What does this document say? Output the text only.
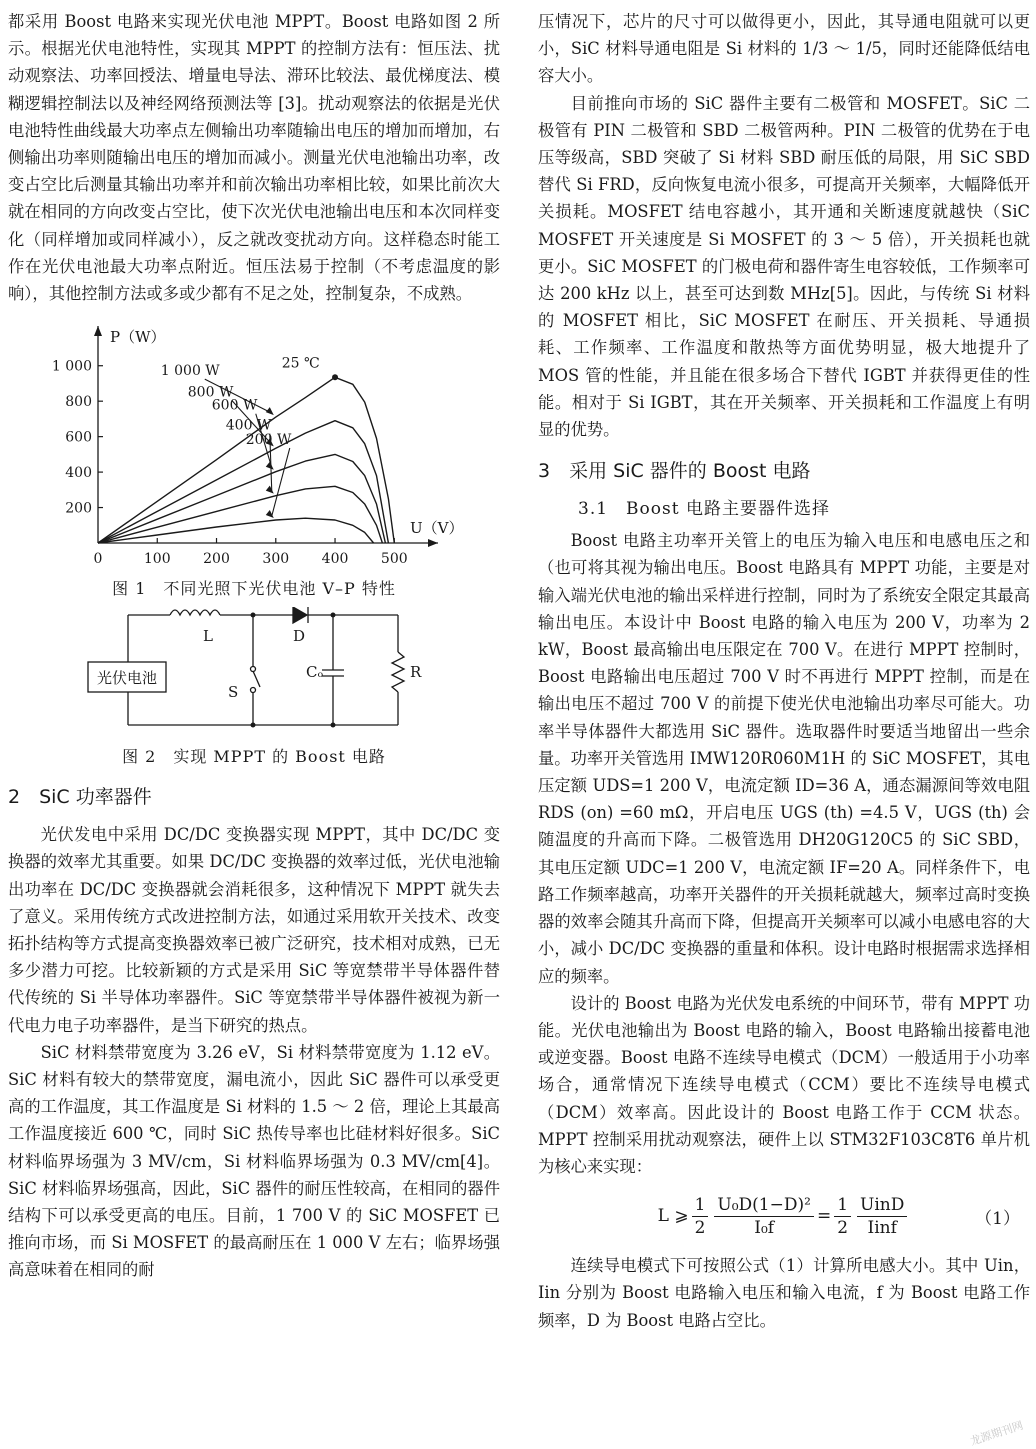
都采用 Boost 电路来实现光伏电池 MPPT。Boost 电路如图 2 所示。根据光伏电池特性，实现其 MPPT 的控制方法有：恒压法、扰动观察法、功率回授法、增量电导法、滞环比较法、最优梯度法、模糊逻辑控制法以及神经网络预测法等 [3]。扰动观察法的依据是光伏电池特性曲线最大功率点左侧输出功率随输出电压的增加而增加，右侧输出功率则随输出电压的增加而减小。测量光伏电池输出功率，改变占空比后测量其输出功率并和前次输出功率相比较，如果比前次大就在相同的方向改变占空比，使下次光伏电池输出电压和本次同样变化（同样增加或同样减小），反之就改变扰动方向。这样稳态时能工作在光伏电池最大功率点附近。恒压法易于控制（不考虑温度的影响），其他控制方法或多或少都有不足之处，控制复杂，不成熟。

P（W）
U（V）
0	100 200 300 400 500
200
400
600
800
1 000	1 000 W
800 W
600 W
400 W
200 W
25 ℃
图 1　不同光照下光伏电池 V–P 特性
光伏电池
L	D
S
Cₒ	R
图 2　实现 MPPT 的 Boost 电路
2　SiC 功率器件

光伏发电中采用 DC/DC 变换器实现 MPPT，其中 DC/DC 变换器的效率尤其重要。如果 DC/DC 变换器的效率过低，光伏电池输出功率在 DC/DC 变换器就会消耗很多，这种情况下 MPPT 就失去了意义。采用传统方式改进控制方法，如通过采用软开关技术、改变拓扑结构等方式提高变换器效率已被广泛研究，技术相对成熟，已无多少潜力可挖。比较新颖的方式是采用 SiC 等宽禁带半导体器件替代传统的 Si 半导体功率器件。SiC 等宽禁带半导体器件被视为新一代电力电子功率器件，是当下研究的热点。

SiC 材料禁带宽度为 3.26 eV，Si 材料禁带宽度为 1.12 eV。SiC 材料有较大的禁带宽度，漏电流小，因此 SiC 器件可以承受更高的工作温度，其工作温度是 Si 材料的 1.5 ～ 2 倍，理论上其最高工作温度接近 600 ℃，同时 SiC 热传导率也比硅材料好很多。SiC 材料临界场强为 3 MV/cm，Si 材料临界场强为 0.3 MV/cm[4]。SiC 材料临界场强高，因此，SiC 器件的耐压性较高，在相同的器件结构下可以承受更高的电压。目前，1 700 V 的 SiC MOSFET 已推向市场，而 Si MOSFET 的最高耐压在 1 000 V 左右；临界场强高意味着在相同的耐

压情况下，芯片的尺寸可以做得更小，因此，其导通电阻就可以更小，SiC 材料导通电阻是 Si 材料的 1/3 ～ 1/5，同时还能降低结电容大小。

目前推向市场的 SiC 器件主要有二极管和 MOSFET。SiC 二极管有 PIN 二极管和 SBD 二极管两种。PIN 二极管的优势在于电压等级高，SBD 突破了 Si 材料 SBD 耐压低的局限，用 SiC SBD 替代 Si FRD，反向恢复电流小很多，可提高开关频率，大幅降低开关损耗。MOSFET 结电容越小，其开通和关断速度就越快（SiC MOSFET 开关速度是 Si MOSFET 的 3 ～ 5 倍），开关损耗也就更小。SiC MOSFET 的门极电荷和器件寄生电容较低，工作频率可达 200 kHz 以上，甚至可达到数 MHz[5]。因此，与传统 Si 材料的 MOSFET 相比，SiC MOSFET 在耐压、开关损耗、导通损耗、工作频率、工作温度和散热等方面优势明显，极大地提升了 MOS 管的性能，并且能在很多场合下替代 IGBT 并获得更佳的性能。相对于 Si IGBT，其在开关频率、开关损耗和工作温度上有明显的优势。

3　采用 SiC 器件的 Boost 电路
3.1　Boost 电路主要器件选择

Boost 电路主功率开关管上的电压为输入电压和电感电压之和（也可将其视为输出电压。Boost 电路具有 MPPT 功能，主要是对输入端光伏电池的输出采样进行控制，同时为了系统安全限定其最高输出电压。本设计中 Boost 电路的输入电压为 200 V，功率为 2 kW，Boost 最高输出电压限定在 700 V。在进行 MPPT 控制时，Boost 电路输出电压超过 700 V 时不再进行 MPPT 控制，而是在输出电压不超过 700 V 的前提下使光伏电池输出功率尽可能大。功率半导体器件大都选用 SiC 器件。选取器件时要适当地留出一些余量。功率开关管选用 IMW120R060M1H 的 SiC MOSFET，其电压定额 UDS=1 200 V，电流定额 ID=36 A，通态漏源间等效电阻 RDS (on) =60 mΩ，开启电压 UGS (th) =4.5 V，UGS (th) 会随温度的升高而下降。二极管选用 DH20G120C5 的 SiC SBD，其电压定额 UDC=1 200 V，电流定额 IF=20 A。同样条件下，电路工作频率越高，功率开关器件的开关损耗就越大，频率过高时变换器的效率会随其升高而下降，但提高开关频率可以减小电感电容的大小，减小 DC/DC 变换器的重量和体积。设计电路时根据需求选择相应的频率。

设计的 Boost 电路为光伏发电系统的中间环节，带有 MPPT 功能。光伏电池输出为 Boost 电路的输入，Boost 电路输出接蓄电池或逆变器。Boost 电路不连续导电模式（DCM）一般适用于小功率场合，通常情况下连续导电模式（CCM）要比不连续导电模式（DCM）效率高。因此设计的 Boost 电路工作于 CCM 状态。MPPT 控制采用扰动观察法，硬件上以 STM32F103C8T6 单片机为核心来实现：

L ⩾ $\frac{1}{2} \frac{\text{U₀D(1−D)²}}{\text{I₀f}} = \frac{1}{2} \frac{\text{UinD}}{\text{Iinf}}$	（1）

连续导电模式下可按照公式（1）计算所电感大小。其中 Uin，Iin 分别为 Boost 电路输入电压和输入电流，f 为 Boost 电路工作频率，D 为 Boost 电路占空比。

龙源期刊网
